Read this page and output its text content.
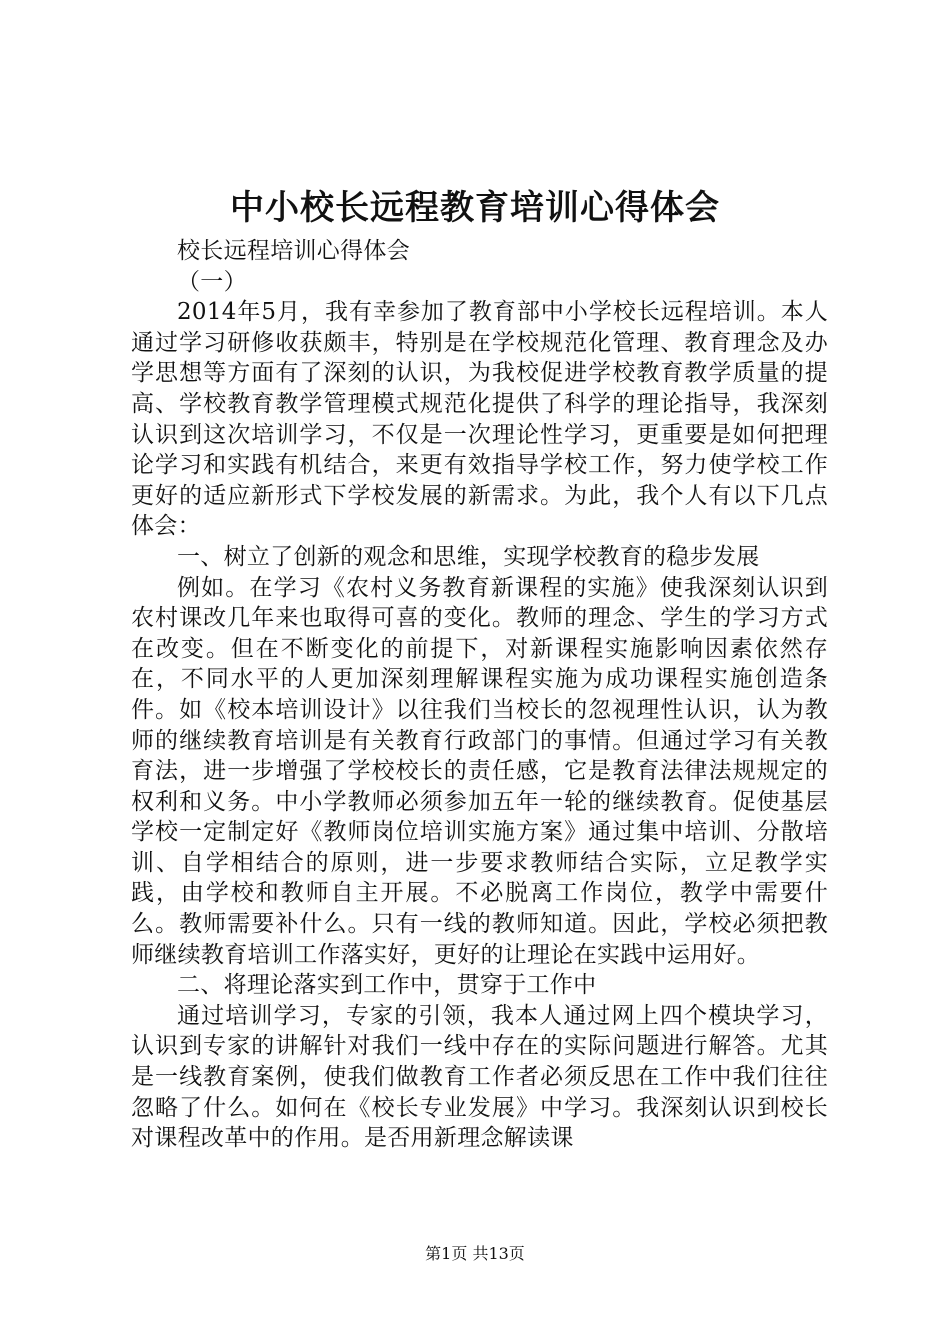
中小校长远程教育培训心得体会

校长远程培训心得体会

（一）

2014年5月，我有幸参加了教育部中小学校长远程培训。本人通过学习研修收获颇丰，特别是在学校规范化管理、教育理念及办学思想等方面有了深刻的认识，为我校促进学校教育教学质量的提高、学校教育教学管理模式规范化提供了科学的理论指导，我深刻认识到这次培训学习，不仅是一次理论性学习，更重要是如何把理论学习和实践有机结合，来更有效指导学校工作，努力使学校工作更好的适应新形式下学校发展的新需求。为此，我个人有以下几点体会：

一、树立了创新的观念和思维，实现学校教育的稳步发展

例如。在学习《农村义务教育新课程的实施》使我深刻认识到农村课改几年来也取得可喜的变化。教师的理念、学生的学习方式在改变。但在不断变化的前提下，对新课程实施影响因素依然存在，不同水平的人更加深刻理解课程实施为成功课程实施创造条件。如《校本培训设计》以往我们当校长的忽视理性认识，认为教师的继续教育培训是有关教育行政部门的事情。但通过学习有关教育法，进一步增强了学校校长的责任感，它是教育法律法规规定的权利和义务。中小学教师必须参加五年一轮的继续教育。促使基层学校一定制定好《教师岗位培训实施方案》通过集中培训、分散培训、自学相结合的原则，进一步要求教师结合实际，立足教学实践，由学校和教师自主开展。不必脱离工作岗位，教学中需要什么。教师需要补什么。只有一线的教师知道。因此，学校必须把教师继续教育培训工作落实好，更好的让理论在实践中运用好。

二、将理论落实到工作中，贯穿于工作中

通过培训学习，专家的引领，我本人通过网上四个模块学习，认识到专家的讲解针对我们一线中存在的实际问题进行解答。尤其是一线教育案例，使我们做教育工作者必须反思在工作中我们往往忽略了什么。如何在《校长专业发展》中学习。我深刻认识到校长对课程改革中的作用。是否用新理念解读课

第1页 共13页
